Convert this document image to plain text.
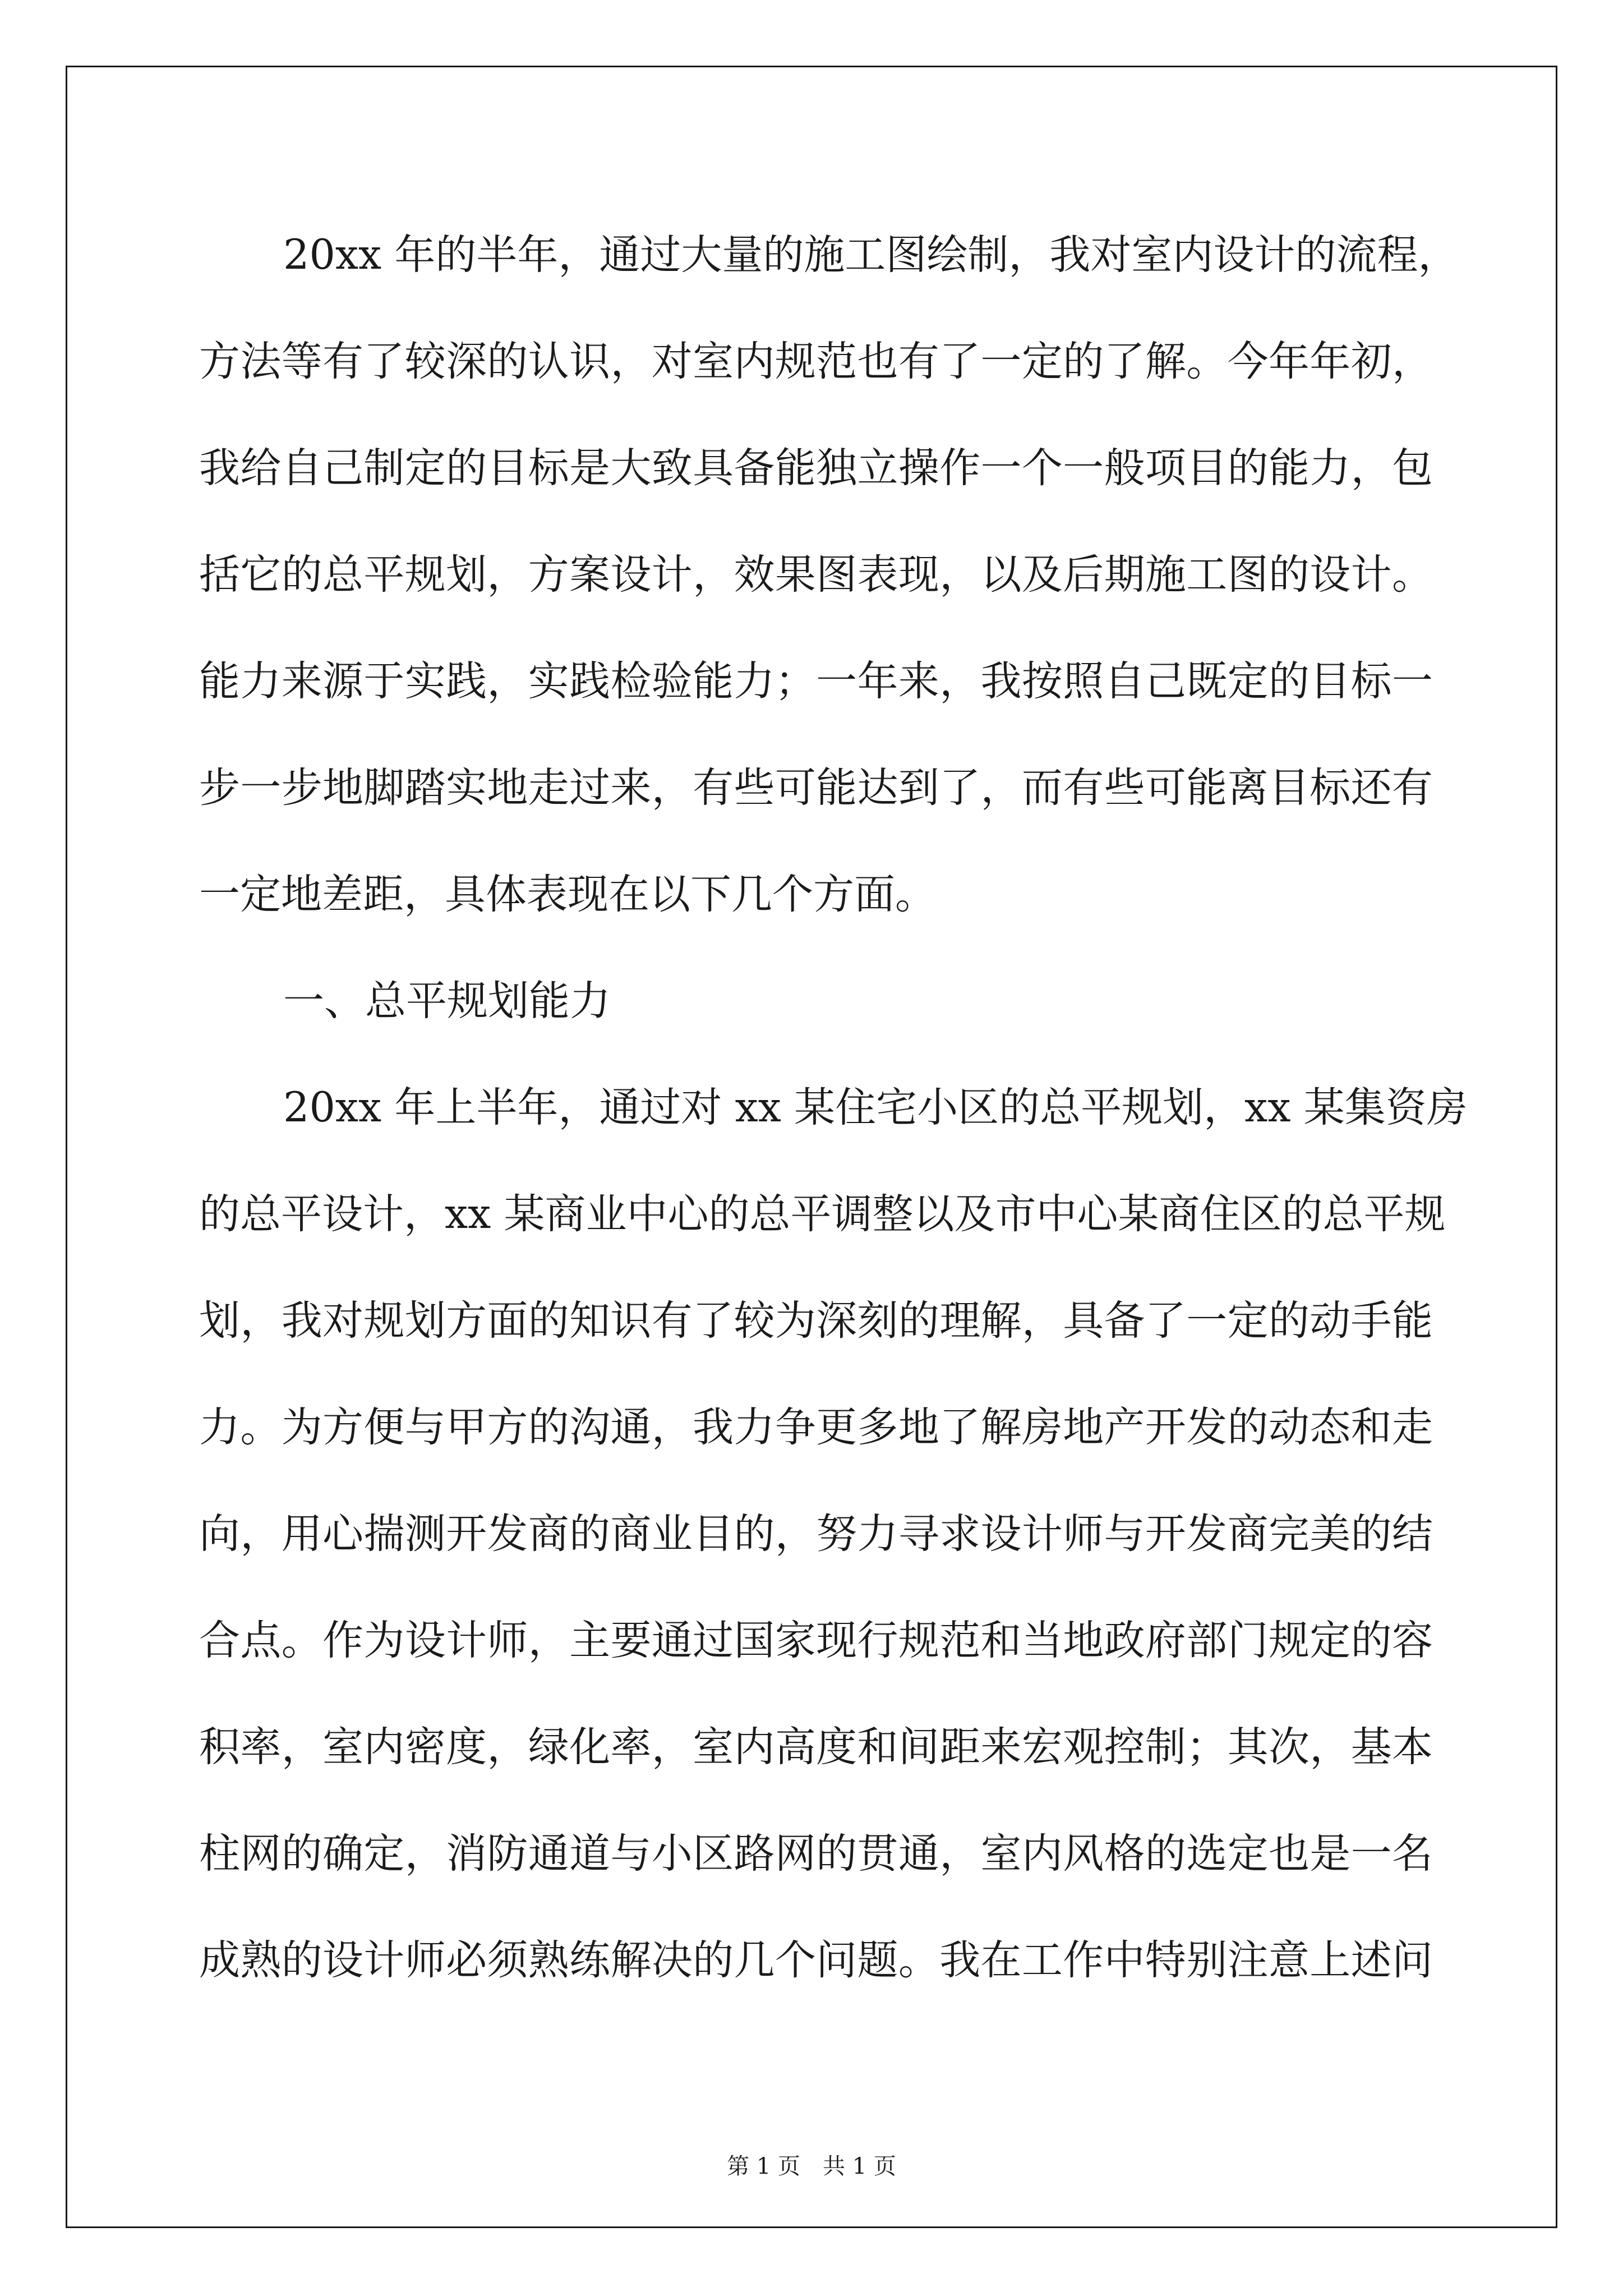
20xx 年的半年，通过大量的施工图绘制，我对室内设计的流程，
方法等有了较深的认识，对室内规范也有了一定的了解。今年年初，
我给自己制定的目标是大致具备能独立操作一个一般项目的能力，包
括它的总平规划，方案设计，效果图表现，以及后期施工图的设计。
能力来源于实践，实践检验能力；一年来，我按照自己既定的目标一
步一步地脚踏实地走过来，有些可能达到了，而有些可能离目标还有
一定地差距，具体表现在以下几个方面。
一、总平规划能力
20xx 年上半年，通过对 xx 某住宅小区的总平规划，xx 某集资房
的总平设计，xx 某商业中心的总平调整以及市中心某商住区的总平规
划，我对规划方面的知识有了较为深刻的理解，具备了一定的动手能
力。为方便与甲方的沟通，我力争更多地了解房地产开发的动态和走
向，用心揣测开发商的商业目的，努力寻求设计师与开发商完美的结
合点。作为设计师，主要通过国家现行规范和当地政府部门规定的容
积率，室内密度，绿化率，室内高度和间距来宏观控制；其次，基本
柱网的确定，消防通道与小区路网的贯通，室内风格的选定也是一名
成熟的设计师必须熟练解决的几个问题。我在工作中特别注意上述问
第 1 页　共 1 页
